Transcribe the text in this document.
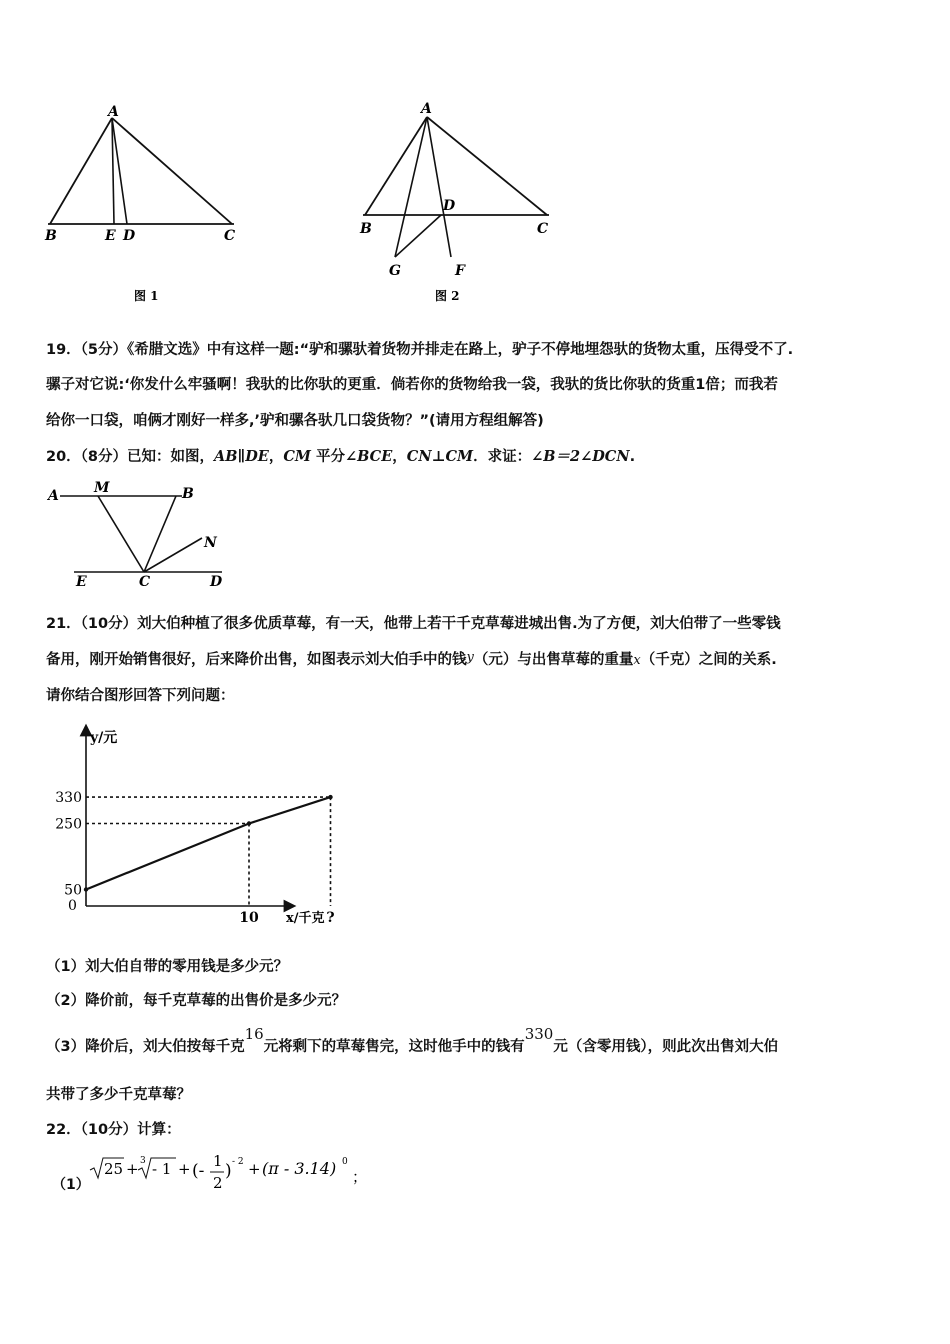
A
B	E D	C
图 1
A
B
D
C
G	F
图 2
19．（5分）《希腊文选》中有这样一题:“驴和骡驮着货物并排走在路上，驴子不停地埋怨驮的货物太重，压得受不了.
骡子对它说:‘你发什么牢骚啊！我驮的比你驮的更重．倘若你的货物给我一袋，我驮的货比你驮的货重1倍；而我若
给你一口袋，咱俩才刚好一样多,’驴和骡各驮几口袋货物？”(请用方程组解答)
20．（8分）已知：如图，AB∥DE，CM 平分∠BCE，CN⊥CM．求证：∠B＝2∠DCN.
A	M	B
N
E	C	D
21．（10分）刘大伯种植了很多优质草莓，有一天，他带上若干千克草莓进城出售.为了方便，刘大伯带了一些零钱
备用，刚开始销售很好，后来降价出售，如图表示刘大伯手中的钱y（元）与出售草莓的重量x（千克）之间的关系.
请你结合图形回答下列问题：
y/元
x/千克
0
330
250
50
10	?
（1）刘大伯自带的零用钱是多少元？
（2）降价前，每千克草莓的出售价是多少元？
（3）降价后，刘大伯按每千克16元将剩下的草莓售完，这时他手中的钱有330元（含零用钱），则此次出售刘大伯
共带了多少千克草莓？
22．（10分）计算：
（1）
25 + 3 - 1 + (- 1
2
) - 2 + (π - 3.14) 0
；
